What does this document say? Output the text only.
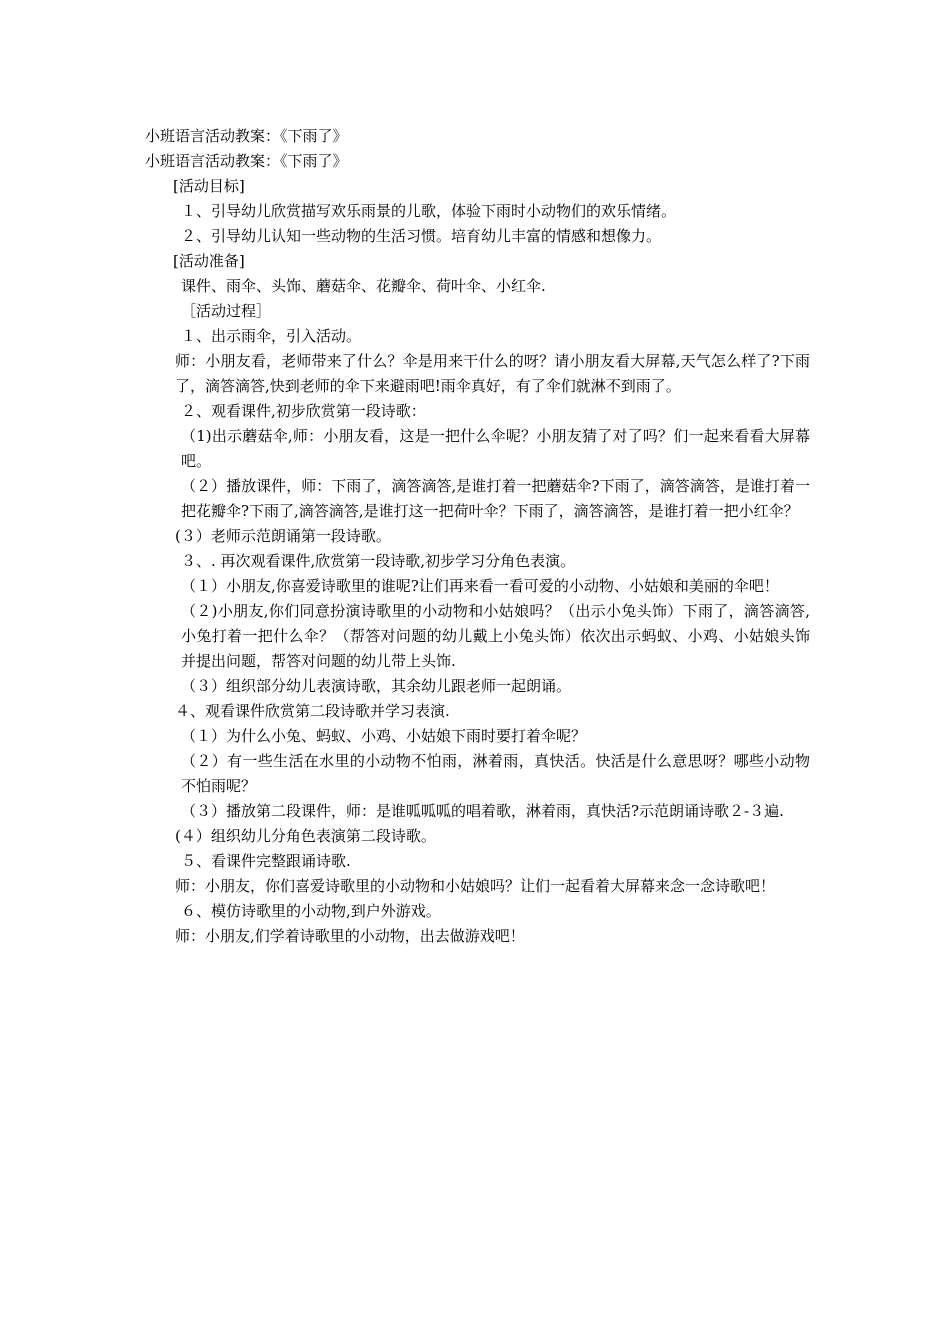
小班语言活动教案：《下雨了》

小班语言活动教案：《下雨了》

[活动目标]

１、引导幼儿欣赏描写欢乐雨景的儿歌，体验下雨时小动物们的欢乐情绪。

２、引导幼儿认知一些动物的生活习惯。培育幼儿丰富的情感和想像力。

[活动准备]

课件、雨伞、头饰、蘑菇伞、花瓣伞、荷叶伞、小红伞.

［活动过程］

１、出示雨伞，引入活动。

师：小朋友看，老师带来了什么？伞是用来干什么的呀？请小朋友看大屏幕,天气怎么样了?下雨了，滴答滴答,快到老师的伞下来避雨吧!雨伞真好，有了伞们就淋不到雨了。

２、观看课件,初步欣赏第一段诗歌：

（1)出示蘑菇伞,师：小朋友看，这是一把什么伞呢？小朋友猜了对了吗？们一起来看看大屏幕吧。

（２）播放课件，师：下雨了，滴答滴答,是谁打着一把蘑菇伞?下雨了，滴答滴答，是谁打着一把花瓣伞?下雨了,滴答滴答,是谁打这一把荷叶伞？下雨了，滴答滴答，是谁打着一把小红伞？

(３）老师示范朗诵第一段诗歌。

３、. 再次观看课件,欣赏第一段诗歌,初步学习分角色表演。

（１）小朋友,你喜爱诗歌里的谁呢?让们再来看一看可爱的小动物、小姑娘和美丽的伞吧！

（２)小朋友,你们同意扮演诗歌里的小动物和小姑娘吗？（出示小兔头饰）下雨了，滴答滴答,小兔打着一把什么伞？（帮答对问题的幼儿戴上小兔头饰）依次出示蚂蚁、小鸡、小姑娘头饰并提出问题，帮答对问题的幼儿带上头饰.

（３）组织部分幼儿表演诗歌，其余幼儿跟老师一起朗诵。

４、观看课件欣赏第二段诗歌并学习表演.

（１）为什么小兔、蚂蚁、小鸡、小姑娘下雨时要打着伞呢？

（２）有一些生活在水里的小动物不怕雨，淋着雨，真快活。快活是什么意思呀？哪些小动物不怕雨呢？

（３）播放第二段课件，师：是谁呱呱呱的唱着歌，淋着雨，真快活?示范朗诵诗歌２-３遍.

(４）组织幼儿分角色表演第二段诗歌。

５、看课件完整跟诵诗歌.

师：小朋友，你们喜爱诗歌里的小动物和小姑娘吗？让们一起看着大屏幕来念一念诗歌吧！

６、模仿诗歌里的小动物,到户外游戏。

师：小朋友,们学着诗歌里的小动物，出去做游戏吧！
